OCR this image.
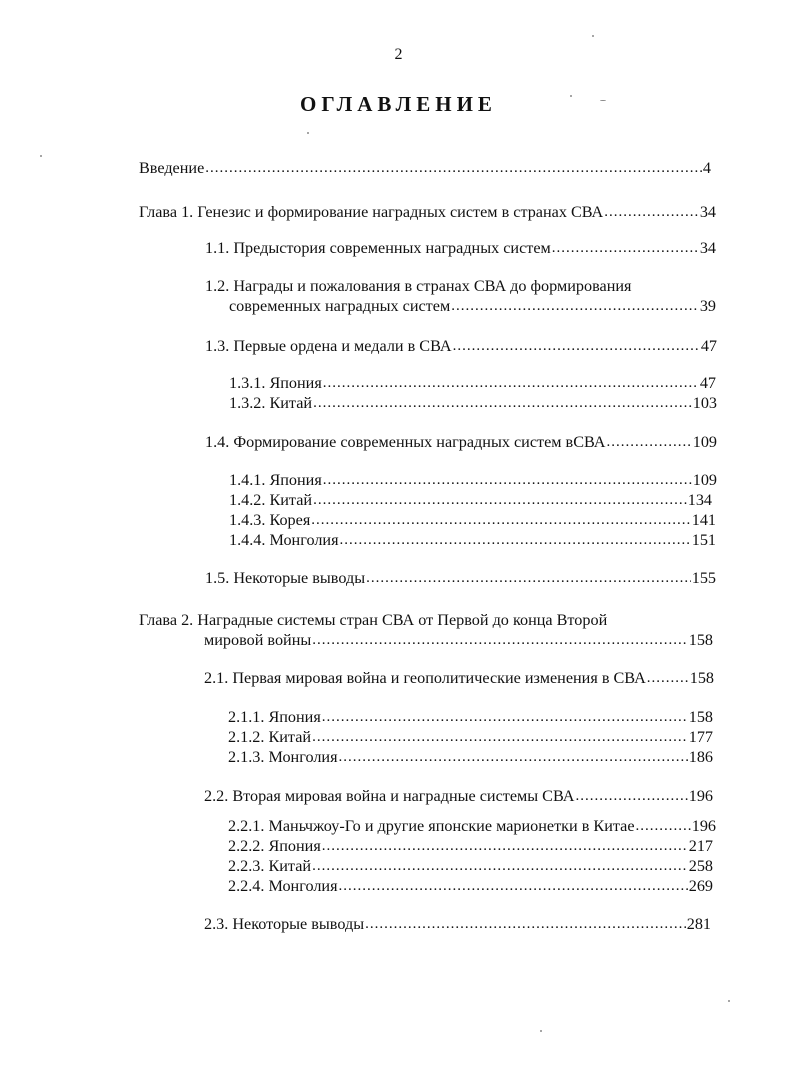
2
ОГЛАВЛЕНИЕ
Введение	4
.....
Глава 1. Генезис и формирование наградных систем в странах СВА	34
.....
1.1. Предыстория современных наградных систем	34
.....
1.2. Награды и пожалования в странах СВА до формирования
современных наградных систем	39
.....
1.3. Первые ордена и медали в СВА	47
.....
1.3.1. Япония	47
.....
1.3.2. Китай	103
.....
1.4. Формирование современных наградных систем вСВА	109
.....
1.4.1. Япония	109
.....
1.4.2. Китай	134
.....
1.4.3. Корея	141
.....
1.4.4. Монголия	151
.....
1.5. Некоторые выводы	155
.....
Глава 2. Наградные системы стран СВА от Первой до конца Второй
мировой войны	158
.....
2.1. Первая мировая война и геополитические изменения в СВА	158
.....
2.1.1. Япония	158
.....
2.1.2. Китай	177
.....
2.1.3. Монголия	186
.....
2.2. Вторая мировая война и наградные системы СВА	196
.....
2.2.1. Маньчжоу-Го и другие японские марионетки в Китае	196
.....
2.2.2. Япония	217
.....
2.2.3. Китай	258
.....
2.2.4. Монголия	269
.....
2.3. Некоторые выводы	281
.....
